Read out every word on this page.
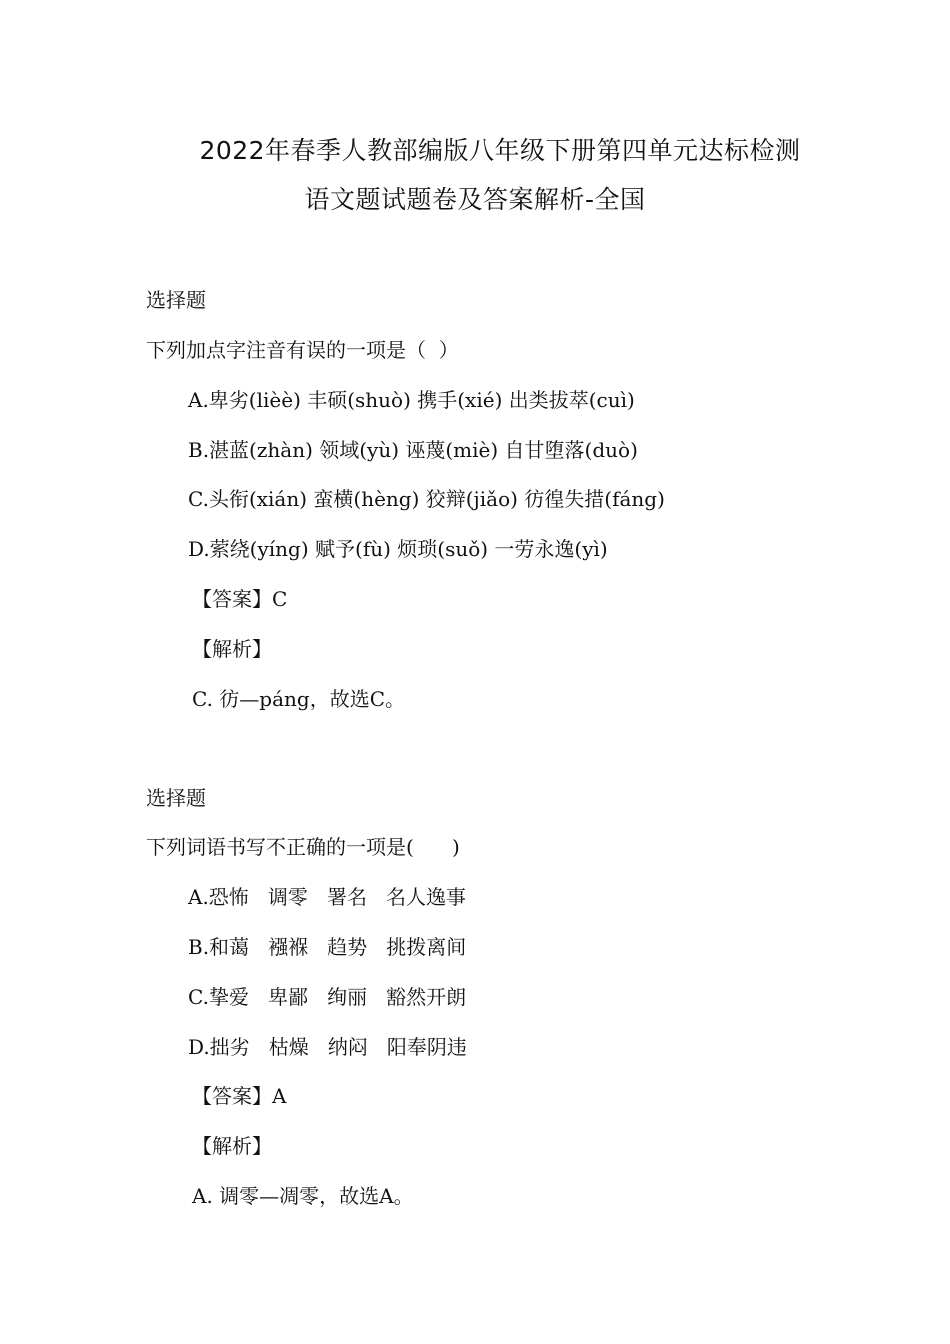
2022年春季人教部编版八年级下册第四单元达标检测
语文题试题卷及答案解析-全国
选择题
下列加点字注音有误的一项是（  ）
A.卑劣(lièè) 丰硕(shuò) 携手(xié) 出类拔萃(cuì)
B.湛蓝(zhàn) 领域(yù) 诬蔑(miè) 自甘堕落(duò)
C.头衔(xián) 蛮横(hèng) 狡辩(jiǎo) 彷徨失措(fáng)
D.萦绕(yíng) 赋予(fù) 烦琐(suǒ) 一劳永逸(yì)
【答案】C
【解析】
C. 彷—páng，故选C。
选择题
下列词语书写不正确的一项是(      )
A.恐怖   调零   署名   名人逸事
B.和蔼   襁褓   趋势   挑拨离间
C.挚爱   卑鄙   绚丽   豁然开朗
D.拙劣   枯燥   纳闷   阳奉阴违
【答案】A
【解析】
A. 调零—凋零，故选A。
